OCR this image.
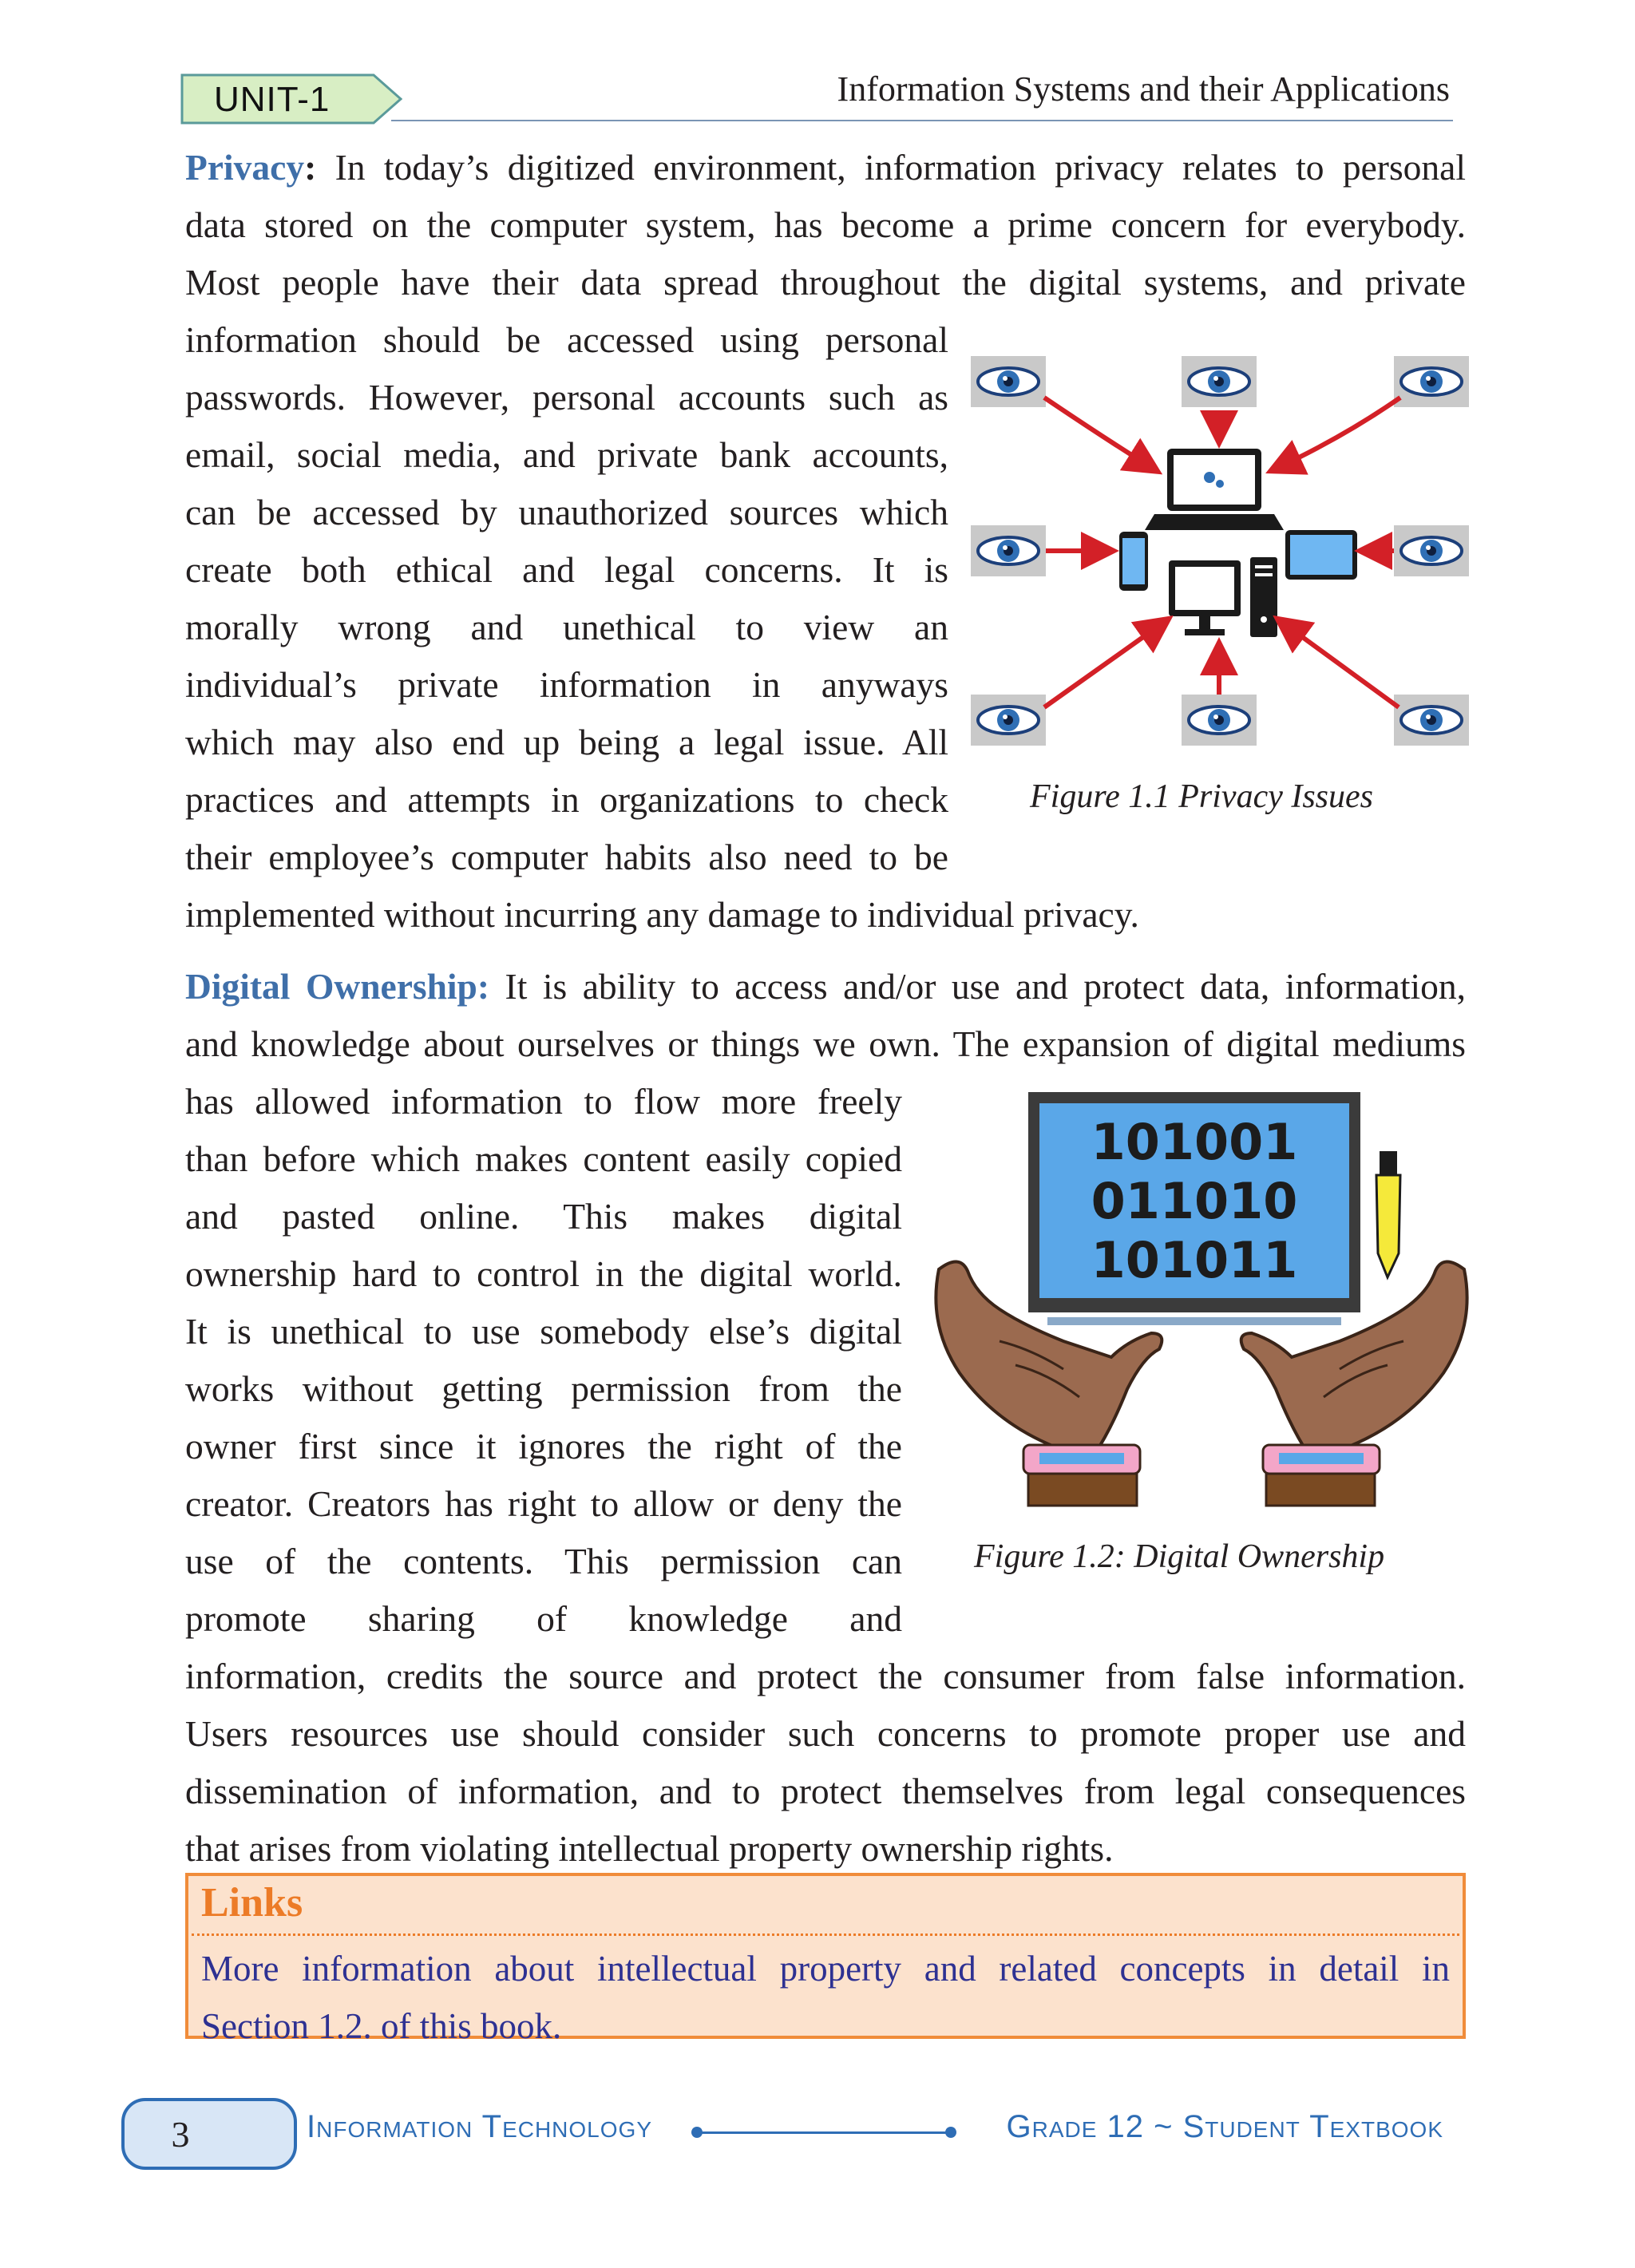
UNIT-1	Information Systems and their Applications
Privacy: In today’s digitized environment, information privacy relates to personal
data stored on the computer system, has become a prime concern for everybody.
Most people have their data spread throughout the digital systems, and private
information should be accessed using personal
passwords. However, personal accounts such as
email, social media, and private bank accounts,
can be accessed by unauthorized sources which
create both ethical and legal concerns. It is
morally wrong and unethical to view an
individual’s private information in anyways
which may also end up being a legal issue. All
practices and attempts in organizations to check
their employee’s computer habits also need to be
implemented without incurring any damage to individual privacy.
Figure 1.1 Privacy Issues
Digital Ownership: It is ability to access and/or use and protect data, information,
and knowledge about ourselves or things we own. The expansion of digital mediums
has allowed information to flow more freely
than before which makes content easily copied
and pasted online. This makes digital
ownership hard to control in the digital world.
It is unethical to use somebody else’s digital
works without getting permission from the
owner first since it ignores the right of the
creator. Creators has right to allow or deny the
use of the contents. This permission can
promote sharing of knowledge and
information, credits the source and protect the consumer from false information.
Users resources use should consider such concerns to promote proper use and
dissemination of information, and to protect themselves from legal consequences
that arises from violating intellectual property ownership rights.
101001
011010
101011
Figure 1.2: Digital Ownership
Links
More information about intellectual property and related concepts in detail in
Section 1.2. of this book.
3	Information Technology	Grade 12 ~ Student Textbook
